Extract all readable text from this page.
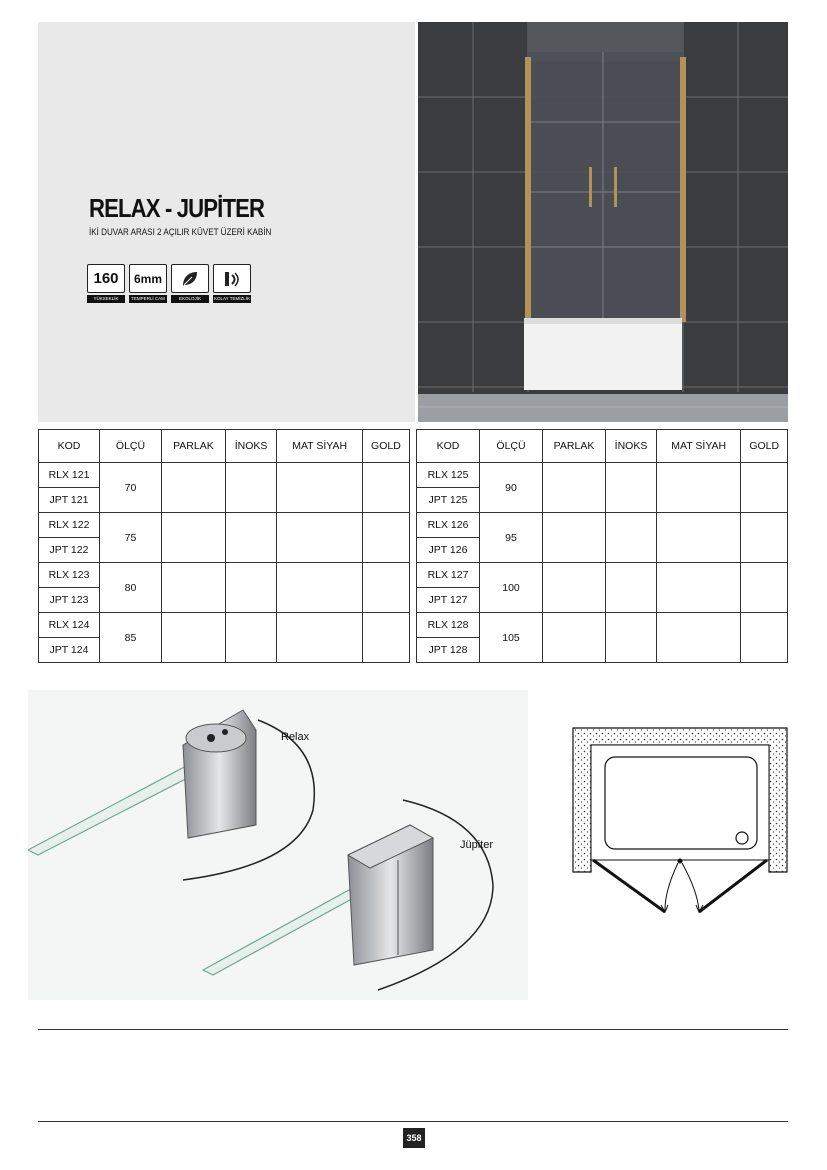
RELAX - JUPİTER
İKİ DUVAR ARASI 2 AÇILIR KÜVET ÜZERİ KABİN
160
YÜKSEKLİK
6mm
TEMPERLİ CAM	EKOLOJİK	KOLAY TEMİZLİK
KOD	ÖLÇÜ	PARLAK	İNOKS	MAT SİYAH	GOLD
RLX 121	70				
JPT 121					
RLX 122	75				
JPT 122					
RLX 123	80				
JPT 123					
RLX 124	85				
JPT 124					
KOD	ÖLÇÜ	PARLAK	İNOKS	MAT SİYAH	GOLD
RLX 125	90				
JPT 125					
RLX 126	95				
JPT 126					
RLX 127	100				
JPT 127					
RLX 128	105				
JPT 128					
Relax
Jüpiter
358
